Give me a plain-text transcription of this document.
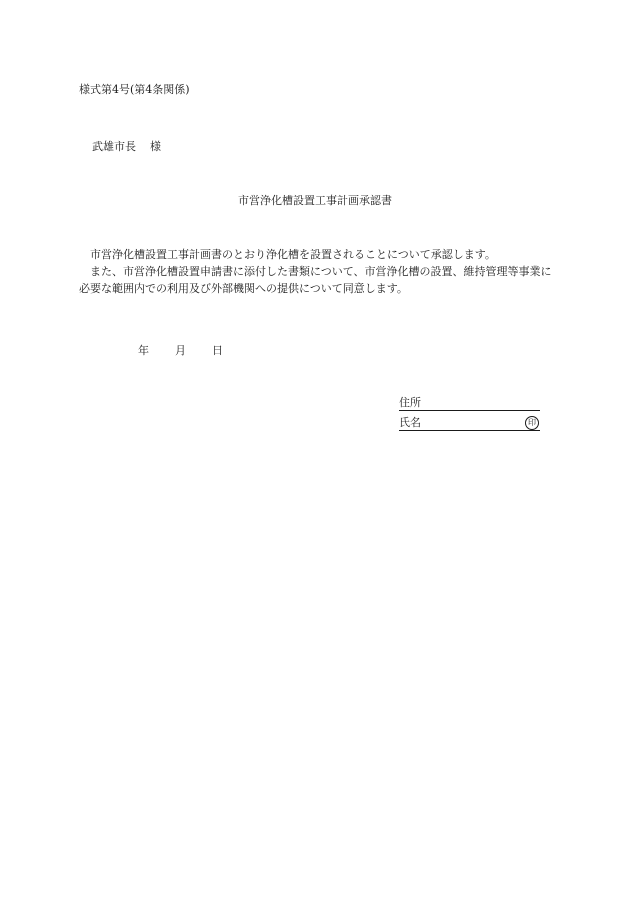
様式第4号(第4条関係)
武雄市長 様
市営浄化槽設置工事計画承認書

市営浄化槽設置工事計画書のとおり浄化槽を設置されることについて承認します。

また、市営浄化槽設置申請書に添付した書類について、市営浄化槽の設置、維持管理等事業に必要な範囲内での利用及び外部機関への提供について同意します。

年 月 日
住所
氏名	印
